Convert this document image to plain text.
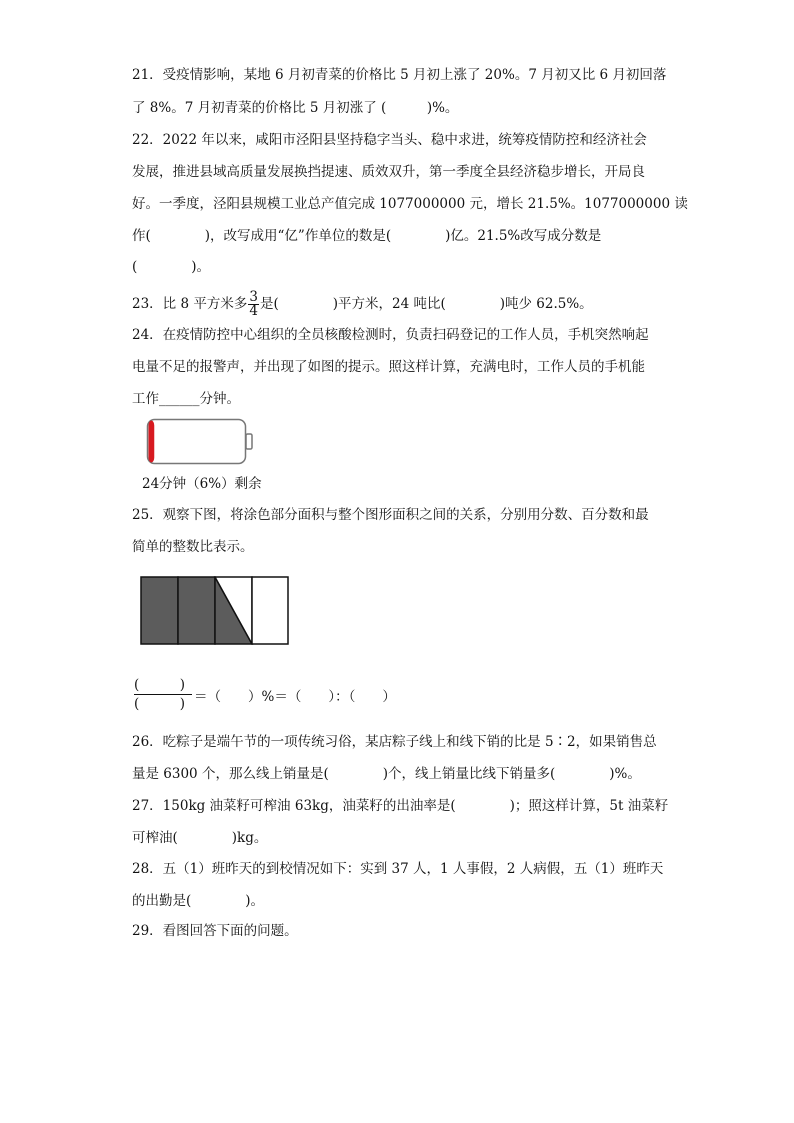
21．受疫情影响，某地 6 月初青菜的价格比 5 月初上涨了 20%。7 月初又比 6 月初回落
了 8%。7 月初青菜的价格比 5 月初涨了 (　　　)%。
22．2022 年以来，咸阳市泾阳县坚持稳字当头、稳中求进，统筹疫情防控和经济社会
发展，推进县域高质量发展换挡提速、质效双升，第一季度全县经济稳步增长，开局良
好。一季度，泾阳县规模工业总产值完成 1077000000 元，增长 21.5%。1077000000 读
作(　　　　)，改写成用“亿”作单位的数是(　　　　)亿。21.5%改写成分数是
(　　　　)。
23．比 8 平方米多 $\frac{3}{4}$ 是(　　　　)平方米，24 吨比(　　　　)吨少 62.5%。
24．在疫情防控中心组织的全员核酸检测时，负责扫码登记的工作人员，手机突然响起
电量不足的报警声，并出现了如图的提示。照这样计算，充满电时，工作人员的手机能
工作______分钟。
24分钟（6%）剩余
25．观察下图，将涂色部分面积与整个图形面积之间的关系，分别用分数、百分数和最
简单的整数比表示。
(　　　)
(　　　) ＝（　　）%＝（　　）：（　　）
26．吃粽子是端午节的一项传统习俗，某店粽子线上和线下销的比是 5∶2，如果销售总
量是 6300 个，那么线上销量是(　　　　)个，线上销量比线下销量多(　　　　)%。
27．150kg 油菜籽可榨油 63kg，油菜籽的出油率是(　　　　)；照这样计算，5t 油菜籽
可榨油(　　　　)kg。
28．五（1）班昨天的到校情况如下：实到 37 人，1 人事假，2 人病假，五（1）班昨天
的出勤是(　　　　)。
29．看图回答下面的问题。
